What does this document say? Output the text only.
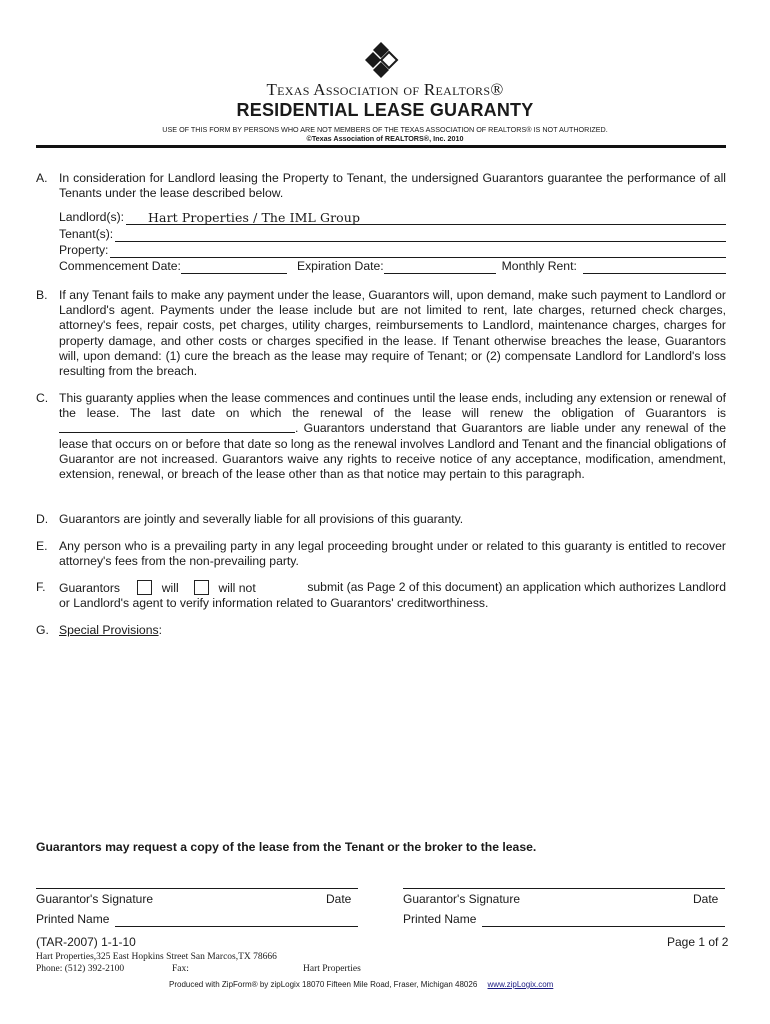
Texas Association of Realtors®
RESIDENTIAL LEASE GUARANTY
USE OF THIS FORM BY PERSONS WHO ARE NOT MEMBERS OF THE TEXAS ASSOCIATION OF REALTORS® IS NOT AUTHORIZED.
©Texas Association of REALTORS®, Inc. 2010
A. In consideration for Landlord leasing the Property to Tenant, the undersigned Guarantors guarantee the performance of all Tenants under the lease described below.
Landlord(s): Hart Properties / The IML Group
Tenant(s):
Property:
Commencement Date:	Expiration Date:	Monthly Rent:
B. If any Tenant fails to make any payment under the lease, Guarantors will, upon demand, make such payment to Landlord or Landlord's agent. Payments under the lease include but are not limited to rent, late charges, returned check charges, attorney's fees, repair costs, pet charges, utility charges, reimbursements to Landlord, maintenance charges, charges for property damage, and other costs or charges specified in the lease. If Tenant otherwise breaches the lease, Guarantors will, upon demand: (1) cure the breach as the lease may require of Tenant; or (2) compensate Landlord for Landlord's loss resulting from the breach.
C. This guaranty applies when the lease commences and continues until the lease ends, including any extension or renewal of the lease. The last date on which the renewal of the lease will renew the obligation of Guarantors is . Guarantors understand that Guarantors are liable under any renewal of the lease that occurs on or before that date so long as the renewal involves Landlord and Tenant and the financial obligations of Guarantor are not increased. Guarantors waive any rights to receive notice of any acceptance, modification, amendment, extension, renewal, or breach of the lease other than as that notice may pertain to this paragraph.
D. Guarantors are jointly and severally liable for all provisions of this guaranty.
E. Any person who is a prevailing party in any legal proceeding brought under or related to this guaranty is entitled to recover attorney's fees from the non-prevailing party.
F.	Guarantors	will	will not	submit (as Page 2 of this document) an application which authorizes Landlord
or Landlord's agent to verify information related to Guarantors' creditworthiness.
G. Special Provisions:
Guarantors may request a copy of the lease from the Tenant or the broker to the lease.
Guarantor's Signature	Date
Printed Name
Guarantor's Signature	Date
Printed Name
(TAR-2007) 1-1-10	Page 1 of 2
Hart Properties,325 East Hopkins Street San Marcos,TX 78666
Phone: (512) 392-2100	Fax:	Hart Properties
Produced with ZipForm® by zipLogix 18070 Fifteen Mile Road, Fraser, Michigan 48026 www.zipLogix.com
